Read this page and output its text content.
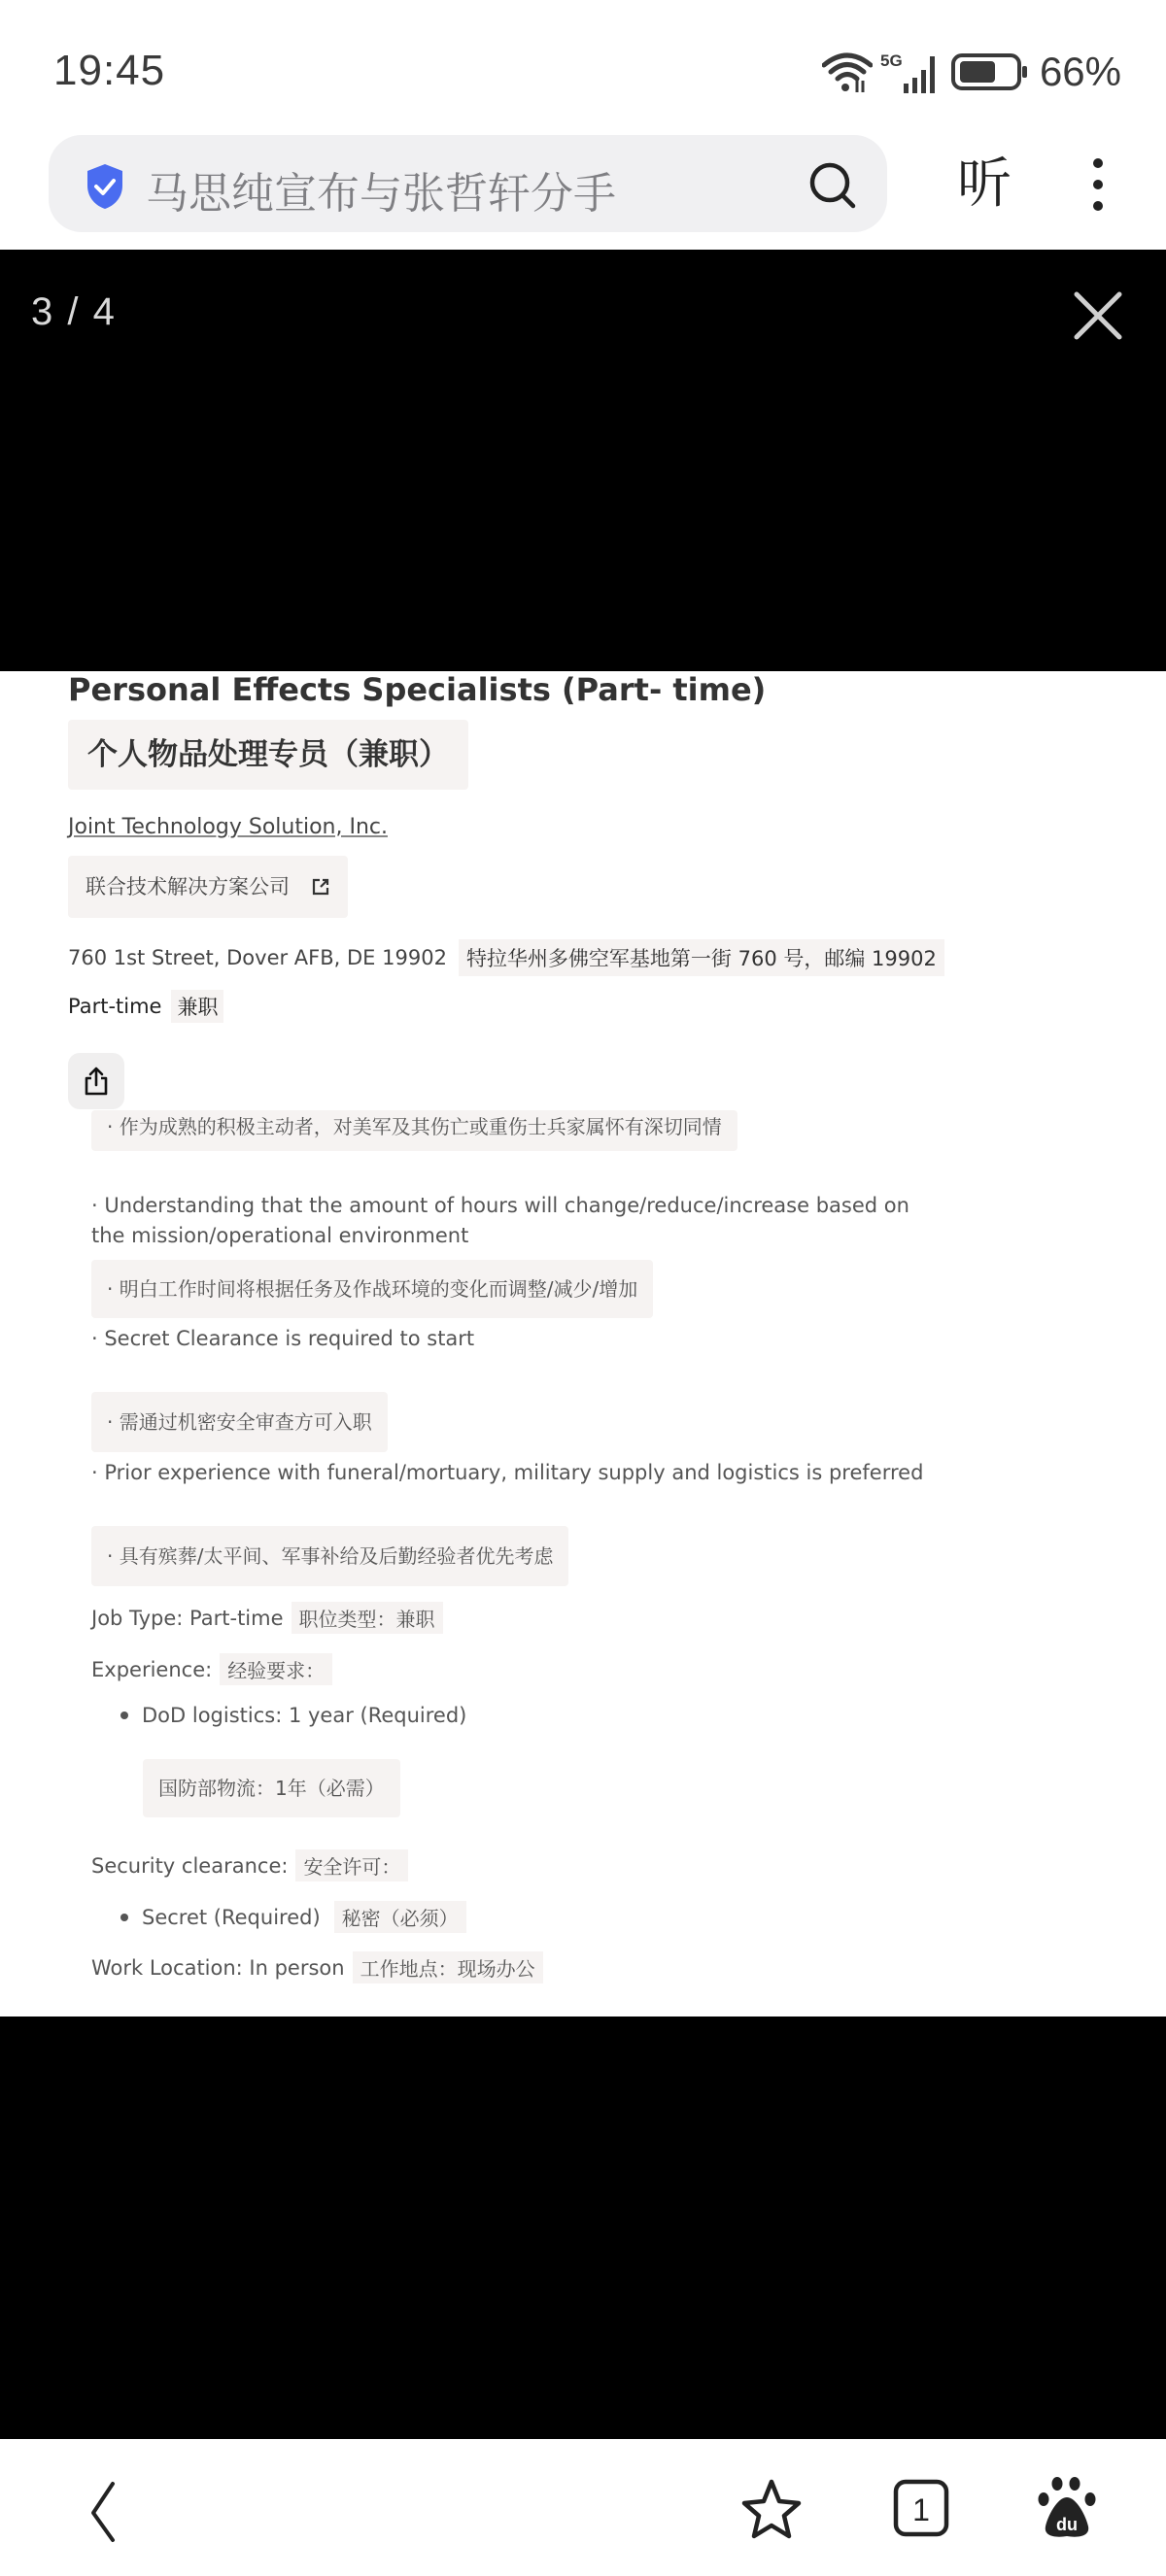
19:45	5G	66%
马思纯宣布与张哲轩分手	听
3 / 4
Personal Effects Specialists (Part- time)
个人物品处理专员（兼职）
Joint Technology Solution, Inc.
联合技术解决方案公司
760 1st Street, Dover AFB, DE 19902 特拉华州多佛空军基地第一街 760 号，邮编 19902
Part-time 兼职
· 作为成熟的积极主动者，对美军及其伤亡或重伤士兵家属怀有深切同情
· Understanding that the amount of hours will change/reduce/increase based on the mission/operational environment
· 明白工作时间将根据任务及作战环境的变化而调整/减少/增加
· Secret Clearance is required to start
· 需通过机密安全审查方可入职
· Prior experience with funeral/mortuary, military supply and logistics is preferred
· 具有殡葬/太平间、军事补给及后勤经验者优先考虑
Job Type: Part-time 职位类型：兼职
Experience: 经验要求：
DoD logistics: 1 year (Required)
国防部物流：1年（必需）
Security clearance: 安全许可：
Secret (Required)	秘密（必须）
Work Location: In person 工作地点：现场办公
1	du
